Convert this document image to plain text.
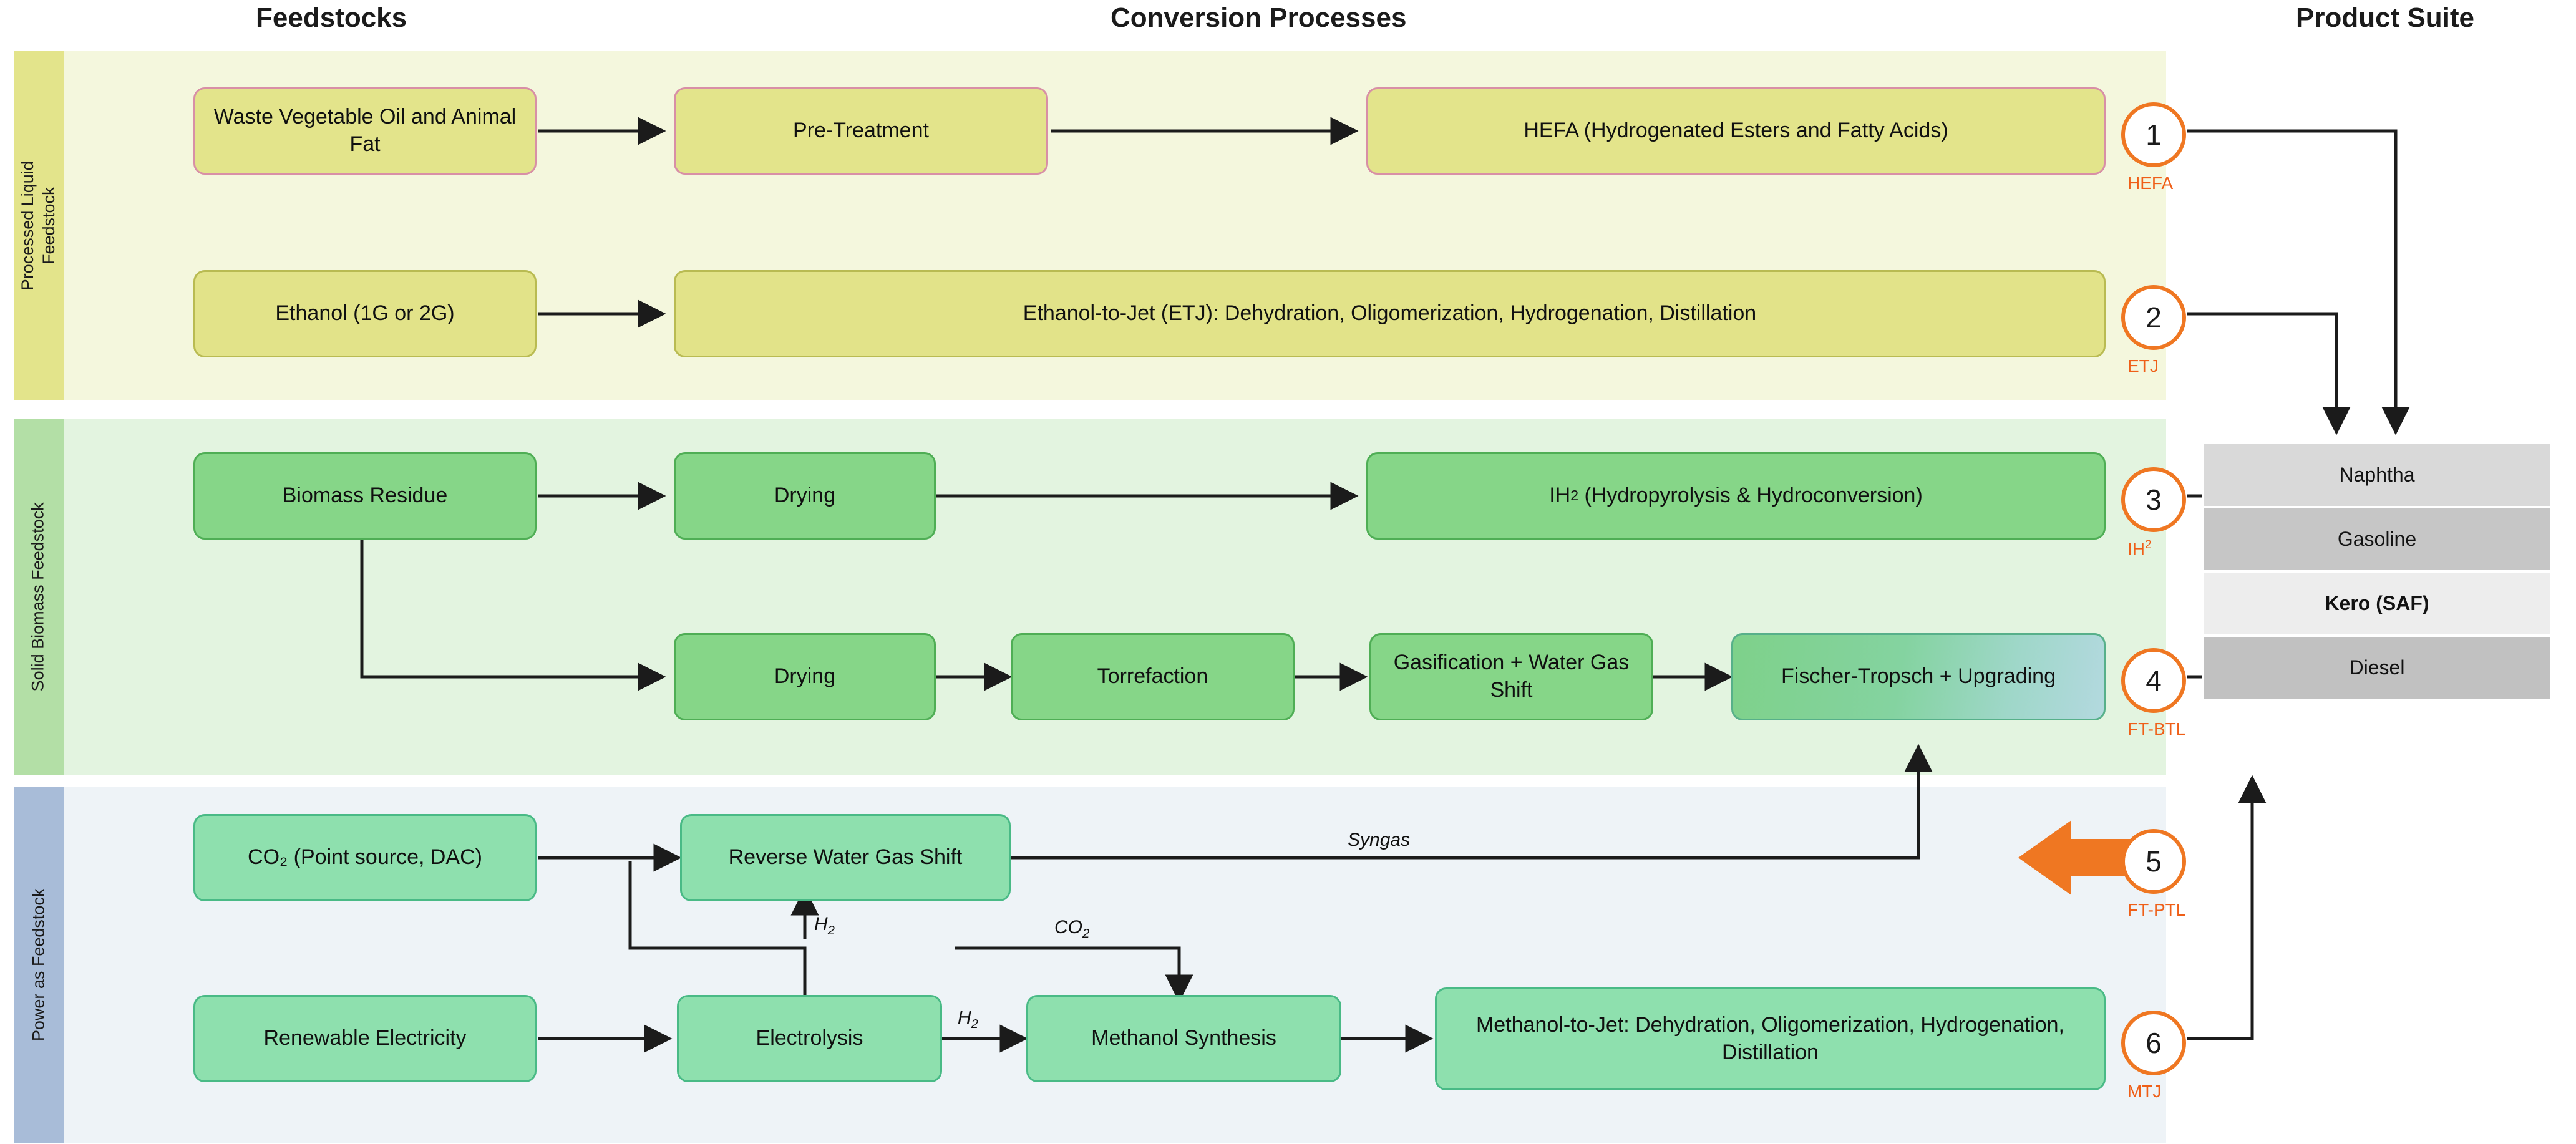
Feedstocks	Conversion Processes	Product Suite
Processed Liquid Feedstock
Solid Biomass Feedstock
Power as Feedstock
Waste Vegetable Oil and Animal Fat
Pre-Treatment	HEFA (Hydrogenated Esters and Fatty Acids)
Ethanol (1G or 2G)	Ethanol-to-Jet (ETJ): Dehydration, Oligomerization, Hydrogenation, Distillation
Biomass Residue	Drying	IH 2 (Hydropyrolysis & Hydroconversion)
Drying	Torrefaction
Gasification + Water Gas Shift
Fischer-Tropsch + Upgrading
CO₂ (Point source, DAC)	Reverse Water Gas Shift
Renewable Electricity	Electrolysis	Methanol Synthesis
Methanol-to-Jet: Dehydration, Oligomerization, Hydrogenation, Distillation
1
HEFA
2
ETJ
3
$IH^2$
4
FT-BTL
5
FT-PTL
6
MTJ
Syngas
$H_2$
$H_2$
$CO_2$
Naphtha
Gasoline
Kero (SAF)
Diesel
